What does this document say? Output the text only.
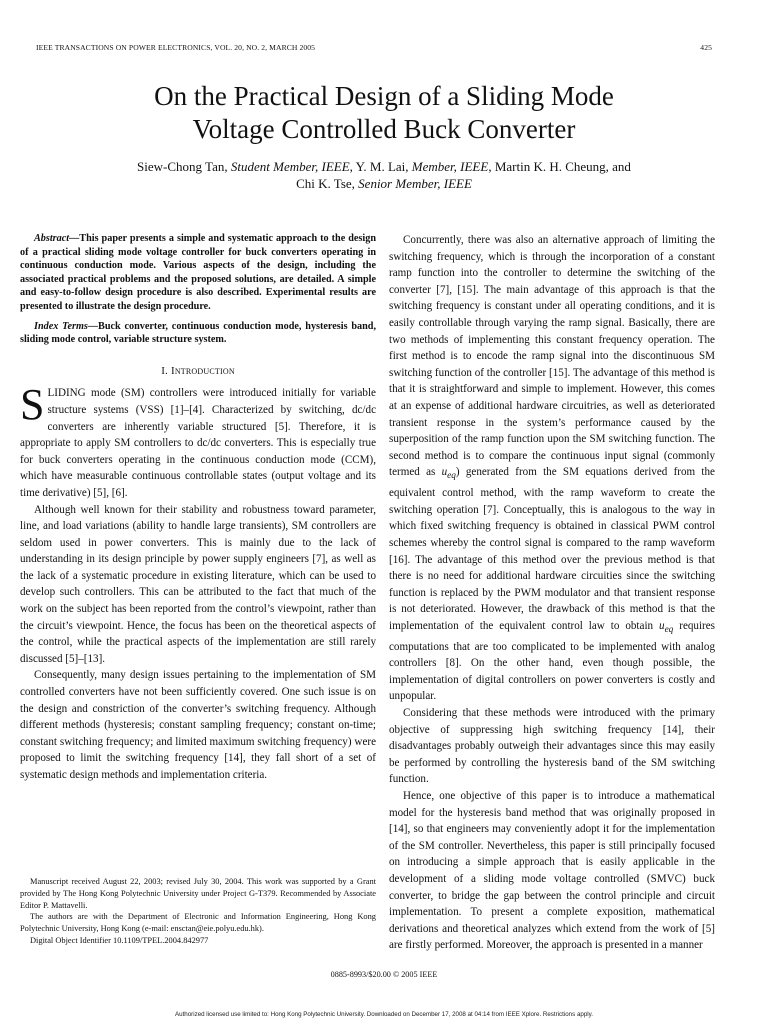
IEEE TRANSACTIONS ON POWER ELECTRONICS, VOL. 20, NO. 2, MARCH 2005	425
On the Practical Design of a Sliding Mode
Voltage Controlled Buck Converter
Siew-Chong Tan, Student Member, IEEE, Y. M. Lai, Member, IEEE, Martin K. H. Cheung, and
Chi K. Tse, Senior Member, IEEE

Abstract—This paper presents a simple and systematic approach to the design of a practical sliding mode voltage controller for buck converters operating in continuous conduction mode. Various aspects of the design, including the associated practical problems and the proposed solutions, are detailed. A simple and easy-to-follow design procedure is also described. Experimental results are presented to illustrate the design procedure.

Index Terms—Buck converter, continuous conduction mode, hysteresis band, sliding mode control, variable structure system.

I. Introduction

SLIDING mode (SM) controllers were introduced initially for variable structure systems (VSS) [1]–[4]. Characterized by switching, dc/dc converters are inherently variable structured [5]. Therefore, it is appropriate to apply SM controllers to dc/dc converters. This is especially true for buck converters operating in the continuous conduction mode (CCM), which have measurable continuous controllable states (output voltage and its time derivative) [5], [6].

Although well known for their stability and robustness toward parameter, line, and load variations (ability to handle large transients), SM controllers are seldom used in power converters. This is mainly due to the lack of understanding in its design principle by power supply engineers [7], as well as the lack of a systematic procedure in existing literature, which can be used to develop such controllers. This can be attributed to the fact that much of the work on the subject has been reported from the control’s viewpoint, rather than the circuit’s viewpoint. Hence, the focus has been on the theoretical aspects of the control, while the practical aspects of the implementation are still rarely discussed [5]–[13].

Consequently, many design issues pertaining to the implementation of SM controlled converters have not been sufficiently covered. One such issue is on the design and constriction of the converter’s switching frequency. Although different methods (hysteresis; constant sampling frequency; constant on-time; constant switching frequency; and limited maximum switching frequency) were proposed to limit the switching frequency [14], they fall short of a set of systematic design methods and implementation criteria.

Manuscript received August 22, 2003; revised July 30, 2004. This work was supported by a Grant provided by The Hong Kong Polytechnic University under Project G-T379. Recommended by Associate Editor P. Mattavelli.

The authors are with the Department of Electronic and Information Engineering, Hong Kong Polytechnic University, Hong Kong (e-mail: ensctan@eie.polyu.edu.hk).

Digital Object Identifier 10.1109/TPEL.2004.842977

Concurrently, there was also an alternative approach of limiting the switching frequency, which is through the incorporation of a constant ramp function into the controller to determine the switching of the converter [7], [15]. The main advantage of this approach is that the switching frequency is constant under all operating conditions, and it is easily controllable through varying the ramp signal. Basically, there are two methods of implementing this constant frequency operation. The first method is to encode the ramp signal into the discontinuous SM switching function of the controller [15]. The advantage of this method is that it is straightforward and simple to implement. However, this comes at an expense of additional hardware circuitries, as well as deteriorated transient response in the system’s performance caused by the superposition of the ramp function upon the SM switching function. The second method is to compare the continuous input signal (commonly termed as $u_{eq}$) generated from the SM equations derived from the equivalent control method, with the ramp waveform to create the switching operation [7]. Conceptually, this is analogous to the way in which fixed switching frequency is obtained in classical PWM control schemes whereby the control signal is compared to the ramp waveform [16]. The advantage of this method over the previous method is that there is no need for additional hardware circuities since the switching function is replaced by the PWM modulator and that transient response is not deteriorated. However, the drawback of this method is that the implementation of the equivalent control law to obtain $u_{eq}$ requires computations that are too complicated to be implemented with analog controllers [8]. On the other hand, even though possible, the implementation of digital controllers on power converters is costly and unpopular.

Considering that these methods were introduced with the primary objective of suppressing high switching frequency [14], their disadvantages probably outweigh their advantages since this may easily be performed by controlling the hysteresis band of the SM switching function.

Hence, one objective of this paper is to introduce a mathematical model for the hysteresis band method that was originally proposed in [14], so that engineers may conveniently adopt it for the implementation of the SM controller. Nevertheless, this paper is still principally focused on introducing a simple approach that is easily applicable in the development of a sliding mode voltage controlled (SMVC) buck converter, to bridge the gap between the control principle and circuit implementation. To present a complete exposition, mathematical derivations and theoretical analyzes which extend from the work of [5] are firstly performed. Moreover, the approach is presented in a manner

0885-8993/$20.00 © 2005 IEEE
Authorized licensed use limited to: Hong Kong Polytechnic University. Downloaded on December 17, 2008 at 04:14 from IEEE Xplore. Restrictions apply.
